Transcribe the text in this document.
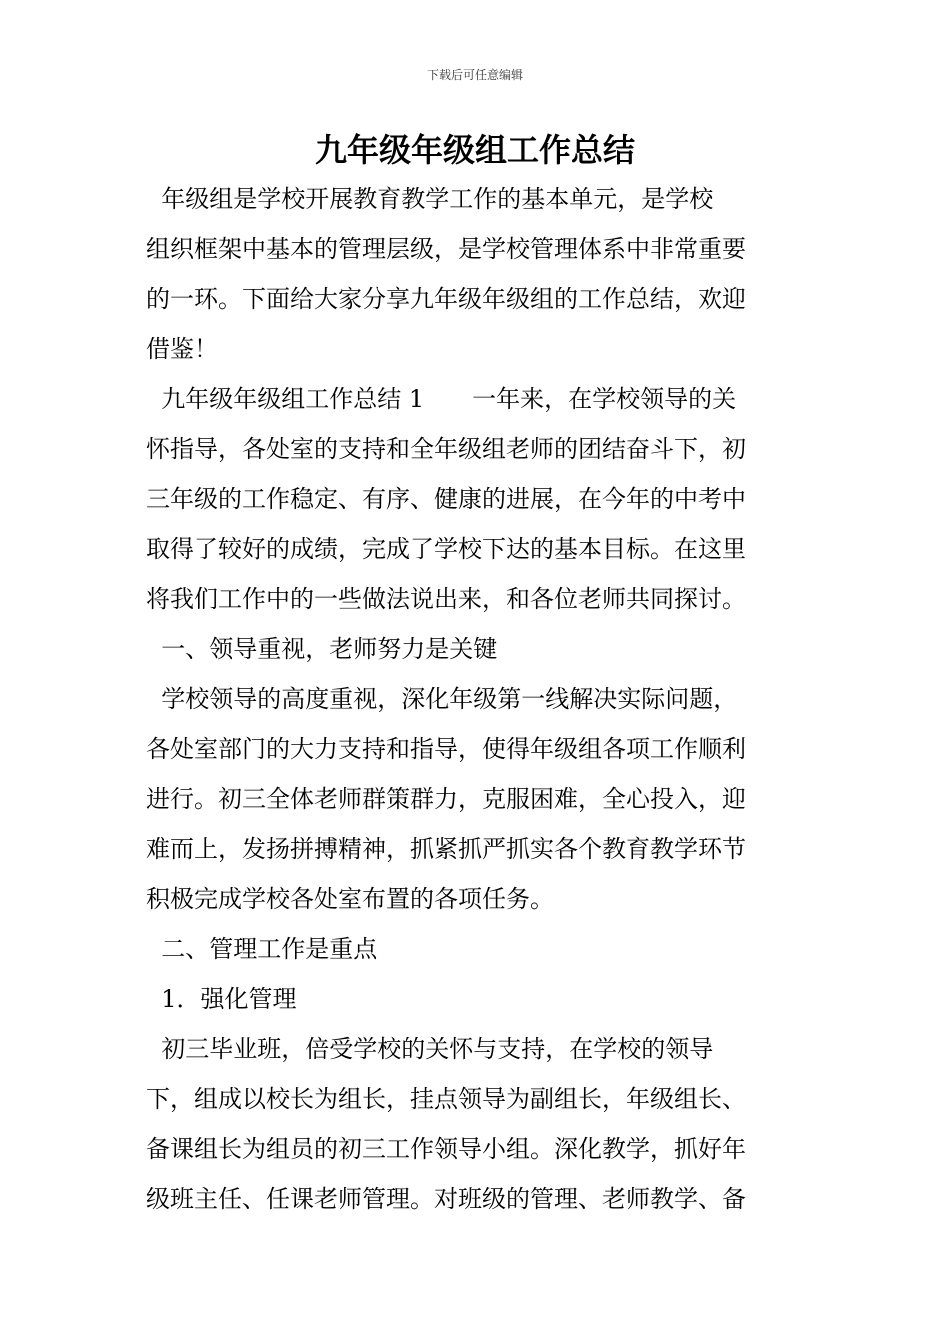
下载后可任意编辑
九年级年级组工作总结
年级组是学校开展教育教学工作的基本单元，是学校
组织框架中基本的管理层级，是学校管理体系中非常重要
的一环。下面给大家分享九年级年级组的工作总结，欢迎
借鉴！
九年级年级组工作总结 1 一年来，在学校领导的关
怀指导，各处室的支持和全年级组老师的团结奋斗下，初
三年级的工作稳定、有序、健康的进展，在今年的中考中
取得了较好的成绩，完成了学校下达的基本目标。在这里
将我们工作中的一些做法说出来，和各位老师共同探讨。
一、领导重视，老师努力是关键
学校领导的高度重视，深化年级第一线解决实际问题，
各处室部门的大力支持和指导，使得年级组各项工作顺利
进行。初三全体老师群策群力，克服困难，全心投入，迎
难而上，发扬拼搏精神，抓紧抓严抓实各个教育教学环节
积极完成学校各处室布置的各项任务。
二、管理工作是重点
1．强化管理
初三毕业班，倍受学校的关怀与支持，在学校的领导
下，组成以校长为组长，挂点领导为副组长，年级组长、
备课组长为组员的初三工作领导小组。深化教学，抓好年
级班主任、任课老师管理。对班级的管理、老师教学、备
